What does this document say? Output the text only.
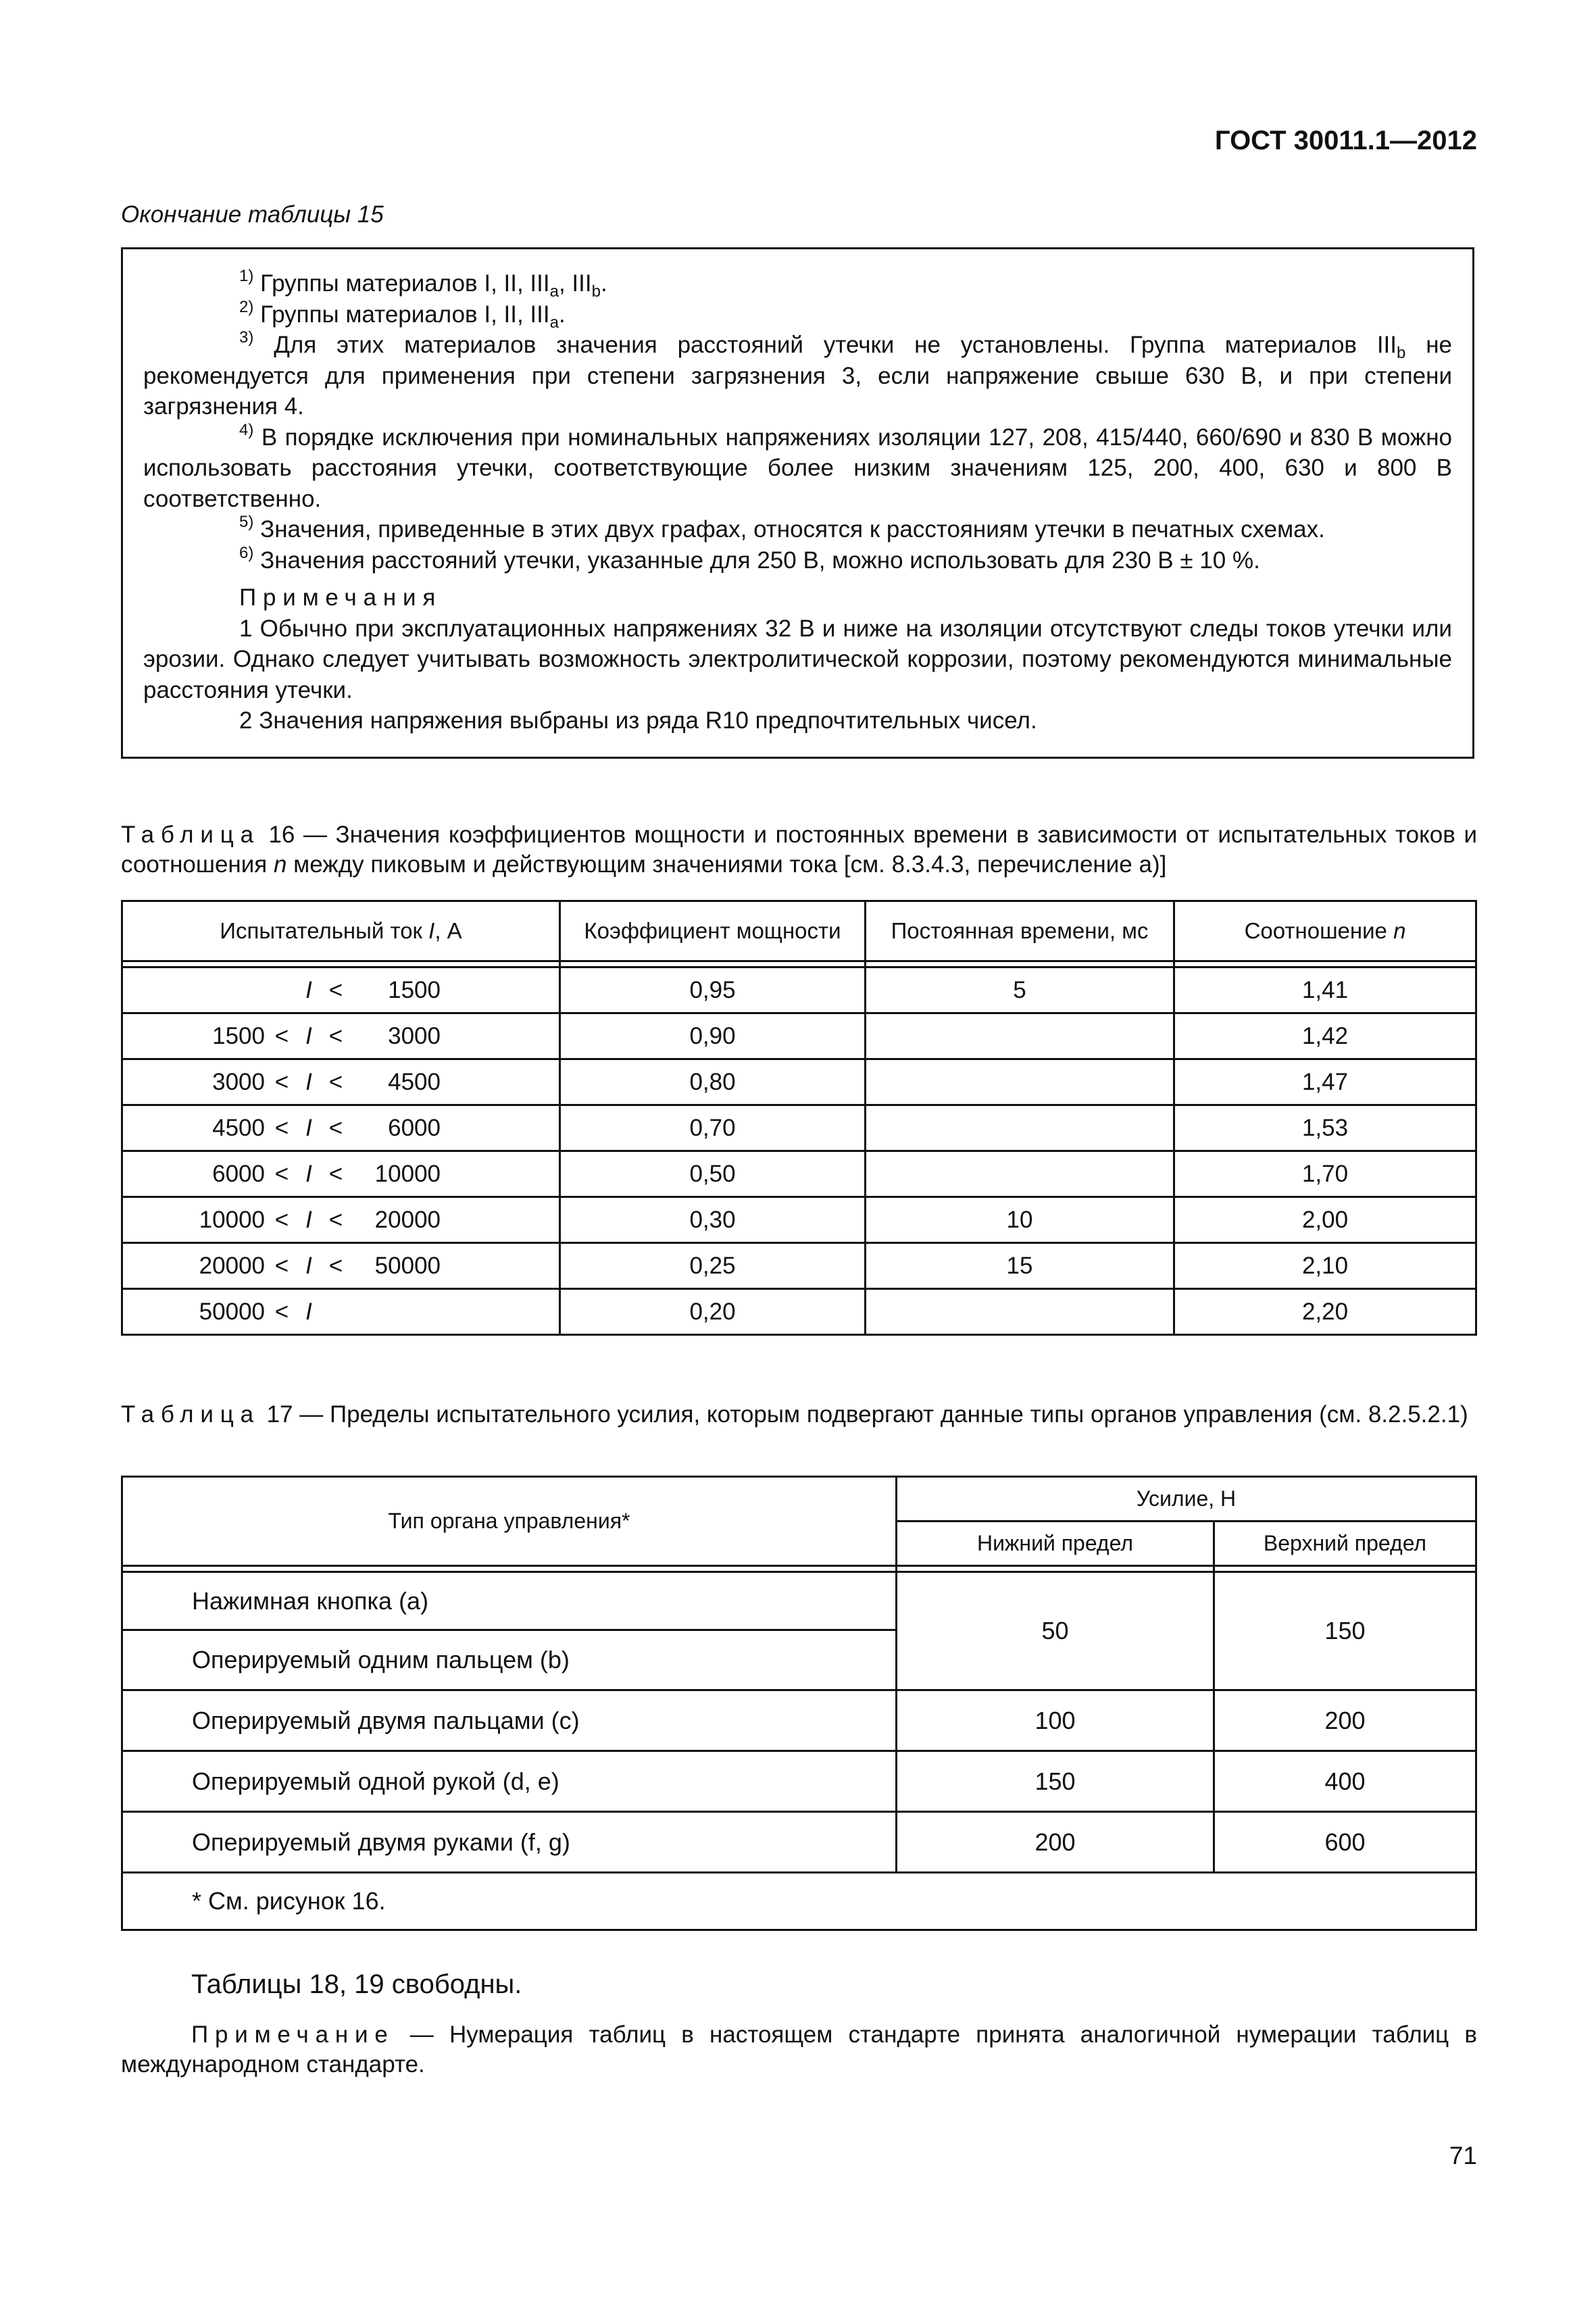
ГОСТ 30011.1—2012
Окончание таблицы 15

$^{1)}$ Группы материалов I, II, $III_a$, $III_b$.

$^{2)}$ Группы материалов I, II, $III_a$.

$^{3)}$ Для этих материалов значения расстояний утечки не установлены. Группа материалов $III_b$ не рекомендуется для применения при степени загрязнения 3, если напряжение свыше 630 В, и при степени загрязнения 4.

$^{4)}$ В порядке исключения при номинальных напряжениях изоляции 127, 208, 415/440, 660/690 и 830 В можно использовать расстояния утечки, соответствующие более низким значениям 125, 200, 400, 630 и 800 В соответственно.

$^{5)}$ Значения, приведенные в этих двух графах, относятся к расстояниям утечки в печатных схемах.

$^{6)}$ Значения расстояний утечки, указанные для 250 В, можно использовать для 230 В ± 10 %.

Примечания

1 Обычно при эксплуатационных напряжениях 32 В и ниже на изоляции отсутствуют следы токов утечки или эрозии. Однако следует учитывать возможность электролитической коррозии, поэтому рекомендуются минимальные расстояния утечки.

2 Значения напряжения выбраны из ряда R10 предпочтительных чисел.

Таблица 16 — Значения коэффициентов мощности и постоянных времени в зависимости от испытательных токов и соотношения n между пиковым и действующим значениями тока [см. 8.3.4.3, перечисление а)]
Испытательный ток I, А	Коэффициент мощности	Постоянная времени, мс	Соотношение n

I < 1500	0,95	5	1,41

1500 < I < 3000	0,90		1,42

3000 < I < 4500	0,80		1,47

4500 < I < 6000	0,70		1,53

6000 < I < 10000	0,50		1,70

10000 < I < 20000	0,30	10	2,00

20000 < I < 50000	0,25	15	2,10

50000 < I	0,20		2,20
Таблица 17 — Пределы испытательного усилия, которым подвергают данные типы органов управления (см. 8.2.5.2.1)
Тип органа управления*	Усилие, Н	
	Нижний предел	Верхний предел

Нажимная кнопка (а)	50	150
Оперируемый одним пальцем (b)		
Оперируемый двумя пальцами (с)	100	200
Оперируемый одной рукой (d, е)	150	400
Оперируемый двумя руками (f, g)	200	600
* См. рисунок 16.		
Таблицы 18, 19 свободны.
Примечание — Нумерация таблиц в настоящем стандарте принята аналогичной нумерации таблиц в международном стандарте.
71
